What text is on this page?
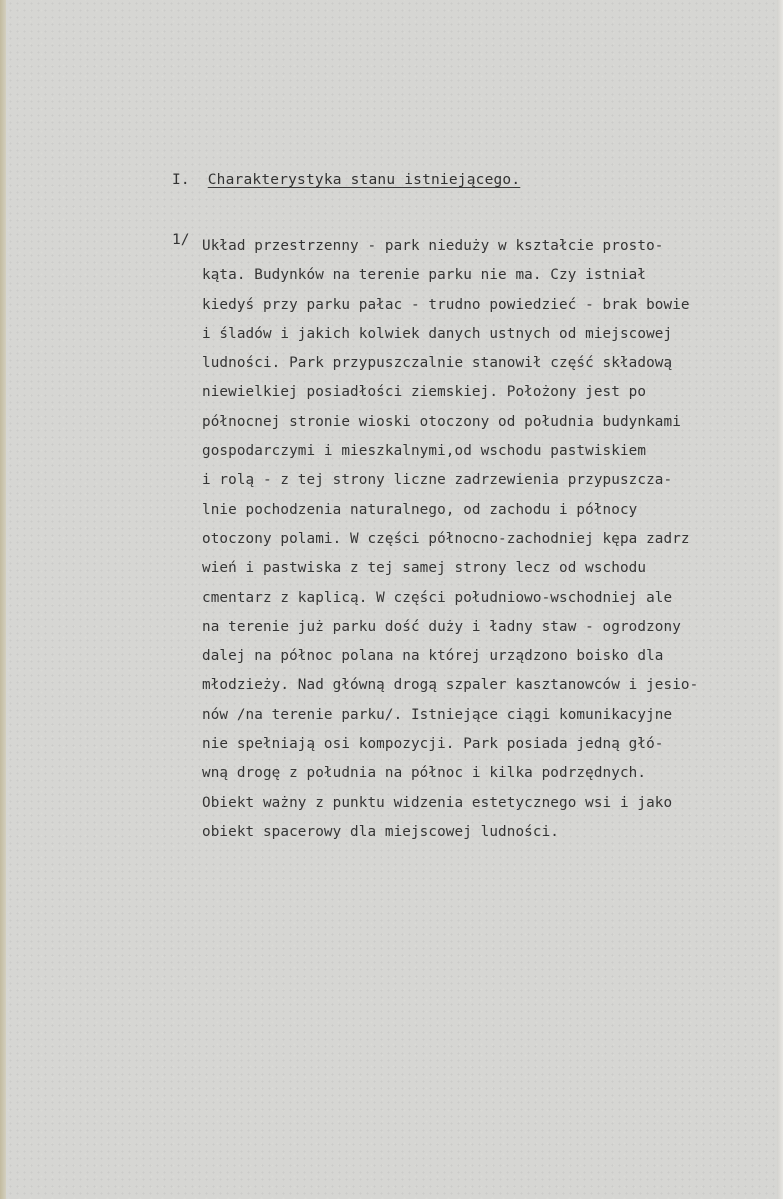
I. Charakterystyka stanu istniejącego.
1/ Układ przestrzenny - park nieduży w kształcie prosto-
kąta. Budynków na terenie parku nie ma. Czy istniał
kiedyś przy parku pałac - trudno powiedzieć - brak bowie
i śladów i jakich kolwiek danych ustnych od miejscowej
ludności. Park przypuszczalnie stanowił część składową
niewielkiej posiadłości ziemskiej. Położony jest po
północnej stronie wioski otoczony od południa budynkami
gospodarczymi i mieszkalnymi,od wschodu pastwiskiem
i rolą - z tej strony liczne zadrzewienia przypuszcza-
lnie pochodzenia naturalnego, od zachodu i północy
otoczony polami. W części północno-zachodniej kępa zadrz
wień i pastwiska z tej samej strony lecz od wschodu
cmentarz z kaplicą. W części południowo-wschodniej ale
na terenie już parku dość duży i ładny staw - ogrodzony
dalej na północ polana na której urządzono boisko dla
młodzieży. Nad główną drogą szpaler kasztanowców i jesio-
nów /na terenie parku/. Istniejące ciągi komunikacyjne
nie spełniają osi kompozycji. Park posiada jedną głó-
wną drogę z południa na północ i kilka podrzędnych.
Obiekt ważny z punktu widzenia estetycznego wsi i jako
obiekt spacerowy dla miejscowej ludności.
